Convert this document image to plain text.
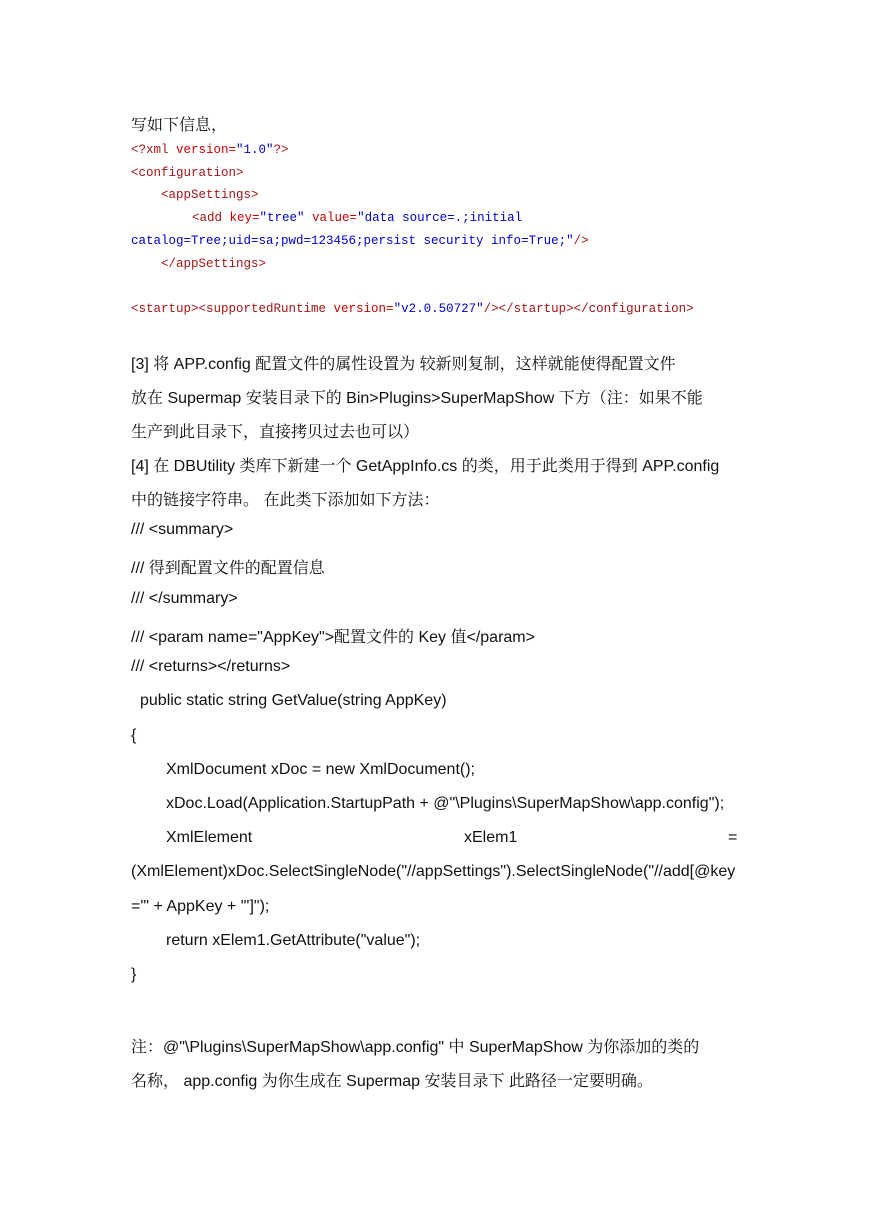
写如下信息，
<?xml version="1.0"?>
<configuration>
<appSettings>
<add key="tree" value="data source=.;initial
catalog=Tree;uid=sa;pwd=123456;persist security info=True;"/>
</appSettings>
<startup><supportedRuntime version="v2.0.50727"/></startup></configuration>
[3] 将 APP.config 配置文件的属性设置为 较新则复制，这样就能使得配置文件
放在 Supermap 安装目录下的 Bin>Plugins>SuperMapShow 下方（注：如果不能
生产到此目录下，直接拷贝过去也可以）
[4] 在 DBUtility 类库下新建一个 GetAppInfo.cs 的类，用于此类用于得到 APP.config
中的链接字符串。 在此类下添加如下方法：
/// <summary>
/// 得到配置文件的配置信息
/// </summary>
/// <param name="AppKey">配置文件的 Key 值</param>
/// <returns></returns>
public static string GetValue(string AppKey)
{
XmlDocument xDoc = new XmlDocument();
xDoc.Load(Application.StartupPath + @"\Plugins\SuperMapShow\app.config");
XmlElement	xElem1	=
(XmlElement)xDoc.SelectSingleNode("//appSettings").SelectSingleNode("//add[@key
='" + AppKey + "']");
return xElem1.GetAttribute("value");
}
注：@"\Plugins\SuperMapShow\app.config" 中 SuperMapShow 为你添加的类的
名称， app.config 为你生成在 Supermap 安装目录下 此路径一定要明确。
